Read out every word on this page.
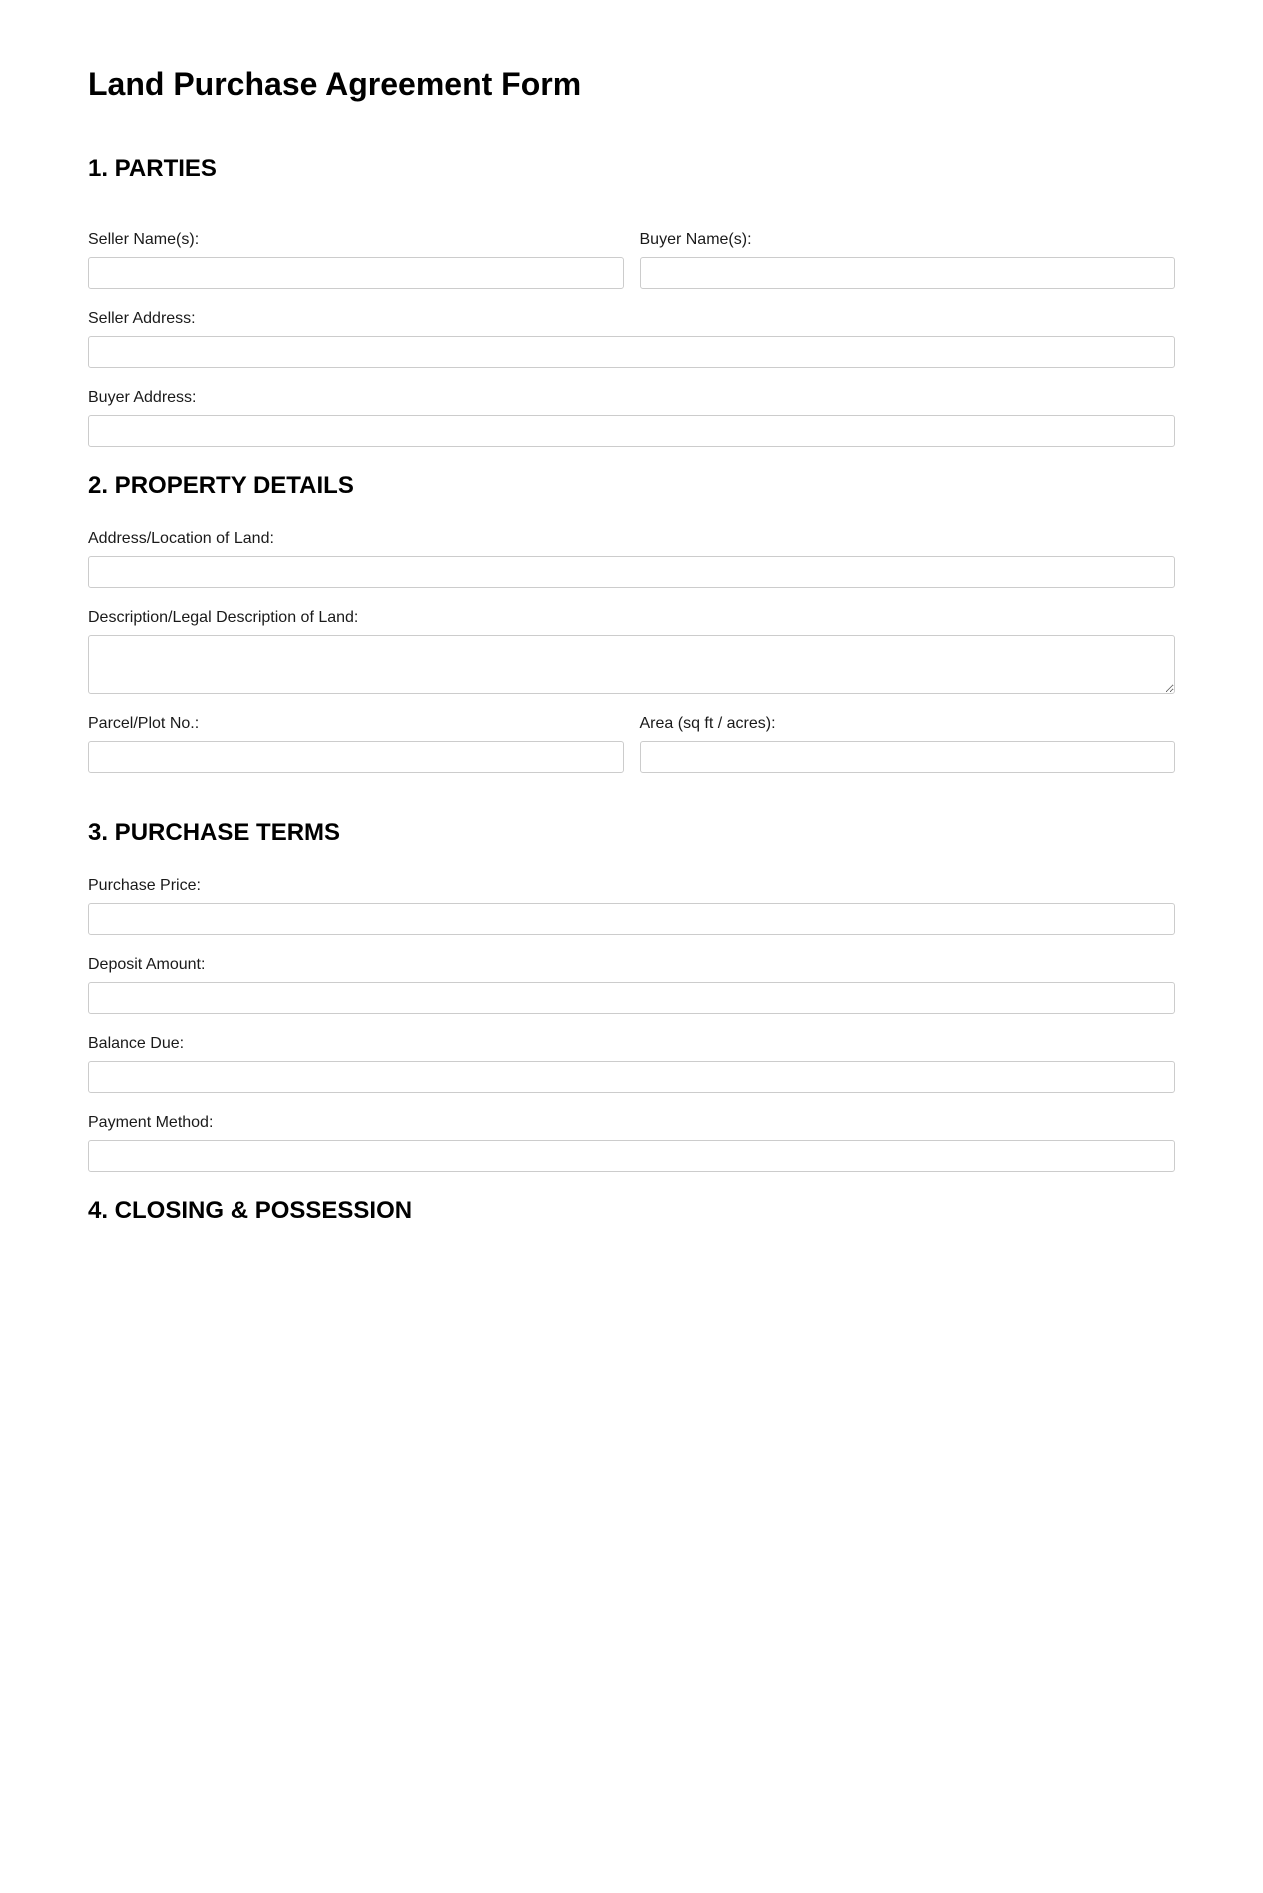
Land Purchase Agreement Form
1. PARTIES
Seller Name(s):	Buyer Name(s):
Seller Address:
Buyer Address:
2. PROPERTY DETAILS
Address/Location of Land:
Description/Legal Description of Land:
Parcel/Plot No.:	Area (sq ft / acres):
3. PURCHASE TERMS
Purchase Price:
Deposit Amount:
Balance Due:
Payment Method:
4. CLOSING & POSSESSION
